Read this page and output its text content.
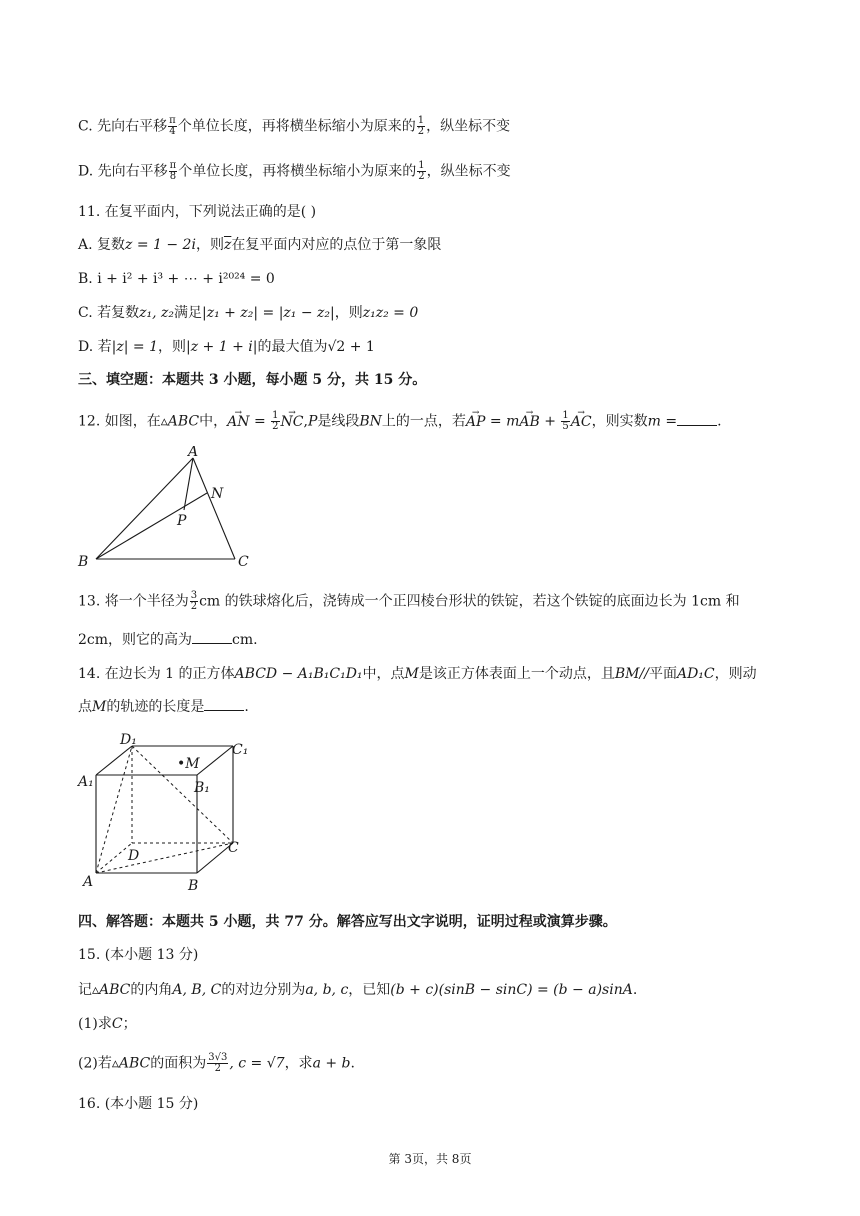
C. 先向右平移 $\frac{\pi}{4}$ 个单位长度，再将横坐标缩小为原来的 $\frac{1}{2}$ ，纵坐标不变
D. 先向右平移 $\frac{\pi}{8}$ 个单位长度，再将横坐标缩小为原来的 $\frac{1}{2}$ ，纵坐标不变
11. 在复平面内，下列说法正确的是( )
A. 复数z = 1 − 2i，则$\overline{z}$在复平面内对应的点位于第一象限
B. i + i² + i³ + ⋯ + i²⁰²⁴ = 0
C. 若复数z₁, z₂满足|z₁ + z₂| = |z₁ − z₂|，则z₁z₂ = 0
D. 若|z| = 1，则|z + 1 + i|的最大值为√2 + 1
三、填空题：本题共 3 小题，每小题 5 分，共 15 分。
12. 如图，在▵ABC中，→ AN = $\frac{1}{2} \to NC,P$是线段BN上的一点，若→ AP = m→ AB + $\frac{1}{5}$ → AC，则实数m =	.
A
B	C
N
P
13. 将一个半径为 $\frac{3}{2}$ cm 的铁球熔化后，浇铸成一个正四棱台形状的铁锭，若这个铁锭的底面边长为 1cm 和
2cm，则它的高为	cm.
14. 在边长为 1 的正方体ABCD − A₁B₁C₁D₁中，点M是该正方体表面上一个动点，且BM//平面AD₁C，则动
点M的轨迹的长度是	.
D₁
C₁
A₁	B₁
•M
D	C
A	B
四、解答题：本题共 5 小题，共 77 分。解答应写出文字说明，证明过程或演算步骤。
15. (本小题 13 分)
记▵ABC的内角A, B, C的对边分别为a, b, c，已知(b + c)(sinB − sinC) = (b − a)sinA.
(1)求C；
(2)若▵ABC的面积为 $\frac{3√3}{2}$ , c = √7，求a + b.
16. (本小题 15 分)
第 3页，共 8页
